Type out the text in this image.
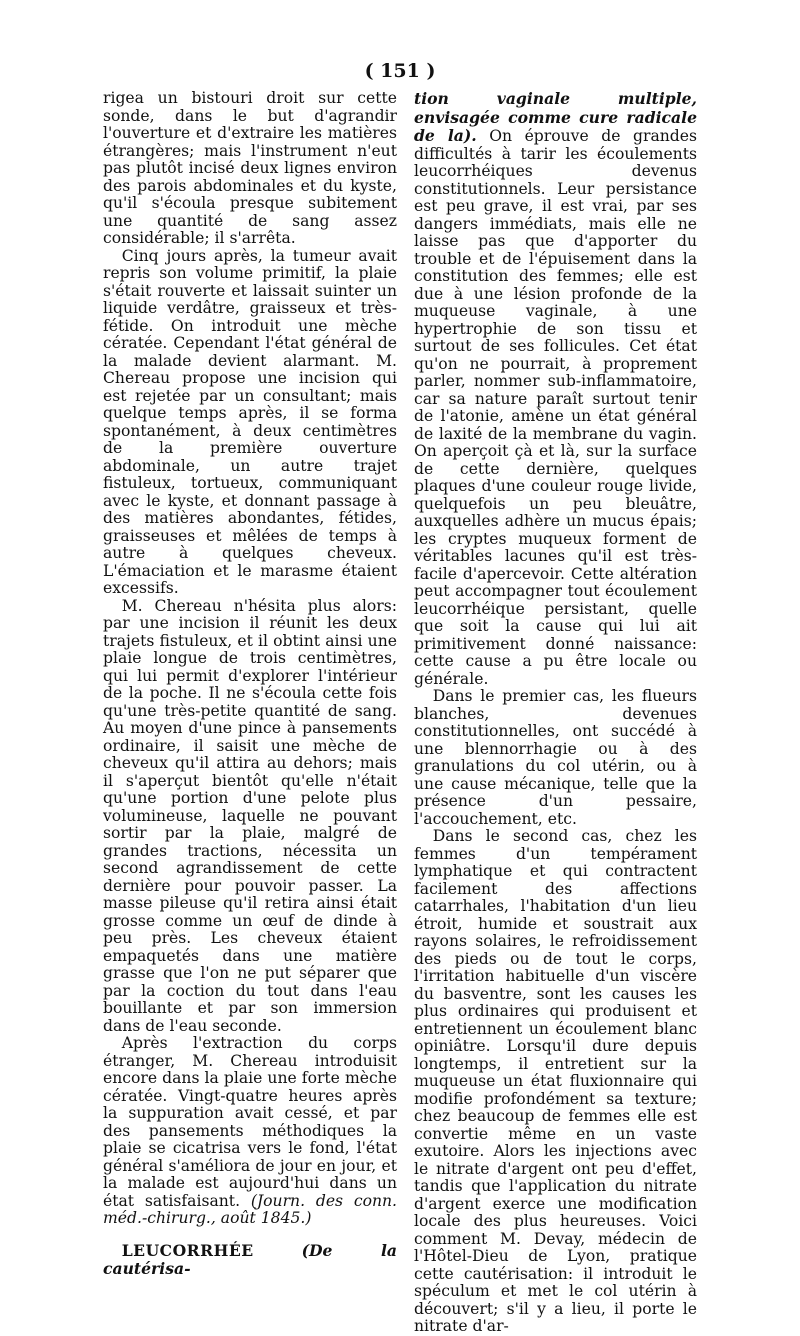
( 151 )

rigea un bistouri droit sur cette sonde, dans le but d'agrandir l'ouverture et d'extraire les matières étrangères; mais l'instrument n'eut pas plutôt incisé deux lignes environ des parois abdominales et du kyste, qu'il s'écoula presque subitement une quantité de sang assez considérable; il s'arrêta.

Cinq jours après, la tumeur avait repris son volume primitif, la plaie s'était rouverte et laissait suinter un liquide verdâtre, graisseux et très-fétide. On introduit une mèche cératée. Cependant l'état général de la malade devient alarmant. M. Chereau propose une incision qui est rejetée par un consultant; mais quelque temps après, il se forma spontanément, à deux centimètres de la première ouverture abdominale, un autre trajet fistuleux, tortueux, communiquant avec le kyste, et donnant passage à des matières abondantes, fétides, graisseuses et mêlées de temps à autre à quelques cheveux. L'émaciation et le marasme étaient excessifs.

M. Chereau n'hésita plus alors: par une incision il réunit les deux trajets fistuleux, et il obtint ainsi une plaie longue de trois centimètres, qui lui permit d'explorer l'intérieur de la poche. Il ne s'écoula cette fois qu'une très-petite quantité de sang. Au moyen d'une pince à pansements ordinaire, il saisit une mèche de cheveux qu'il attira au dehors; mais il s'aperçut bientôt qu'elle n'était qu'une portion d'une pelote plus volumineuse, laquelle ne pouvant sortir par la plaie, malgré de grandes tractions, nécessita un second agrandissement de cette dernière pour pouvoir passer. La masse pileuse qu'il retira ainsi était grosse comme un œuf de dinde à peu près. Les cheveux étaient empaquetés dans une matière grasse que l'on ne put séparer que par la coction du tout dans l'eau bouillante et par son immersion dans de l'eau seconde.

Après l'extraction du corps étranger, M. Chereau introduisit encore dans la plaie une forte mèche cératée. Vingt-quatre heures après la suppuration avait cessé, et par des pansements méthodiques la plaie se cicatrisa vers le fond, l'état général s'améliora de jour en jour, et la malade est aujourd'hui dans un état satisfaisant. (Journ. des conn. méd.-chirurg., août 1845.)

LEUCORRHÉE	(De la cautérisa-

tion vaginale multiple, envisagée comme cure radicale de la). On éprouve de grandes difficultés à tarir les écoulements leucorrhéiques devenus constitutionnels. Leur persistance est peu grave, il est vrai, par ses dangers immédiats, mais elle ne laisse pas que d'apporter du trouble et de l'épuisement dans la constitution des femmes; elle est due à une lésion profonde de la muqueuse vaginale, à une hypertrophie de son tissu et surtout de ses follicules. Cet état qu'on ne pourrait, à proprement parler, nommer sub-inflammatoire, car sa nature paraît surtout tenir de l'atonie, amène un état général de laxité de la membrane du vagin. On aperçoit çà et là, sur la surface de cette dernière, quelques plaques d'une couleur rouge livide, quelquefois un peu bleuâtre, auxquelles adhère un mucus épais; les cryptes muqueux forment de véritables lacunes qu'il est très-facile d'apercevoir. Cette altération peut accompagner tout écoulement leucorrhéique persistant, quelle que soit la cause qui lui ait primitivement donné naissance: cette cause a pu être locale ou générale.

Dans le premier cas, les flueurs blanches, devenues constitutionnelles, ont succédé à une blennorrhagie ou à des granulations du col utérin, ou à une cause mécanique, telle que la présence d'un pessaire, l'accouchement, etc.

Dans le second cas, chez les femmes d'un tempérament lymphatique et qui contractent facilement des affections catarrhales, l'habitation d'un lieu étroit, humide et soustrait aux rayons solaires, le refroidissement des pieds ou de tout le corps, l'irritation habituelle d'un viscère du basventre, sont les causes les plus ordinaires qui produisent et entretiennent un écoulement blanc opiniâtre. Lorsqu'il dure depuis longtemps, il entretient sur la muqueuse un état fluxionnaire qui modifie profondément sa texture; chez beaucoup de femmes elle est convertie même en un vaste exutoire. Alors les injections avec le nitrate d'argent ont peu d'effet, tandis que l'application du nitrate d'argent exerce une modification locale des plus heureuses. Voici comment M. Devay, médecin de l'Hôtel-Dieu de Lyon, pratique cette cautérisation: il introduit le spéculum et met le col utérin à découvert; s'il y a lieu, il porte le nitrate d'ar-
